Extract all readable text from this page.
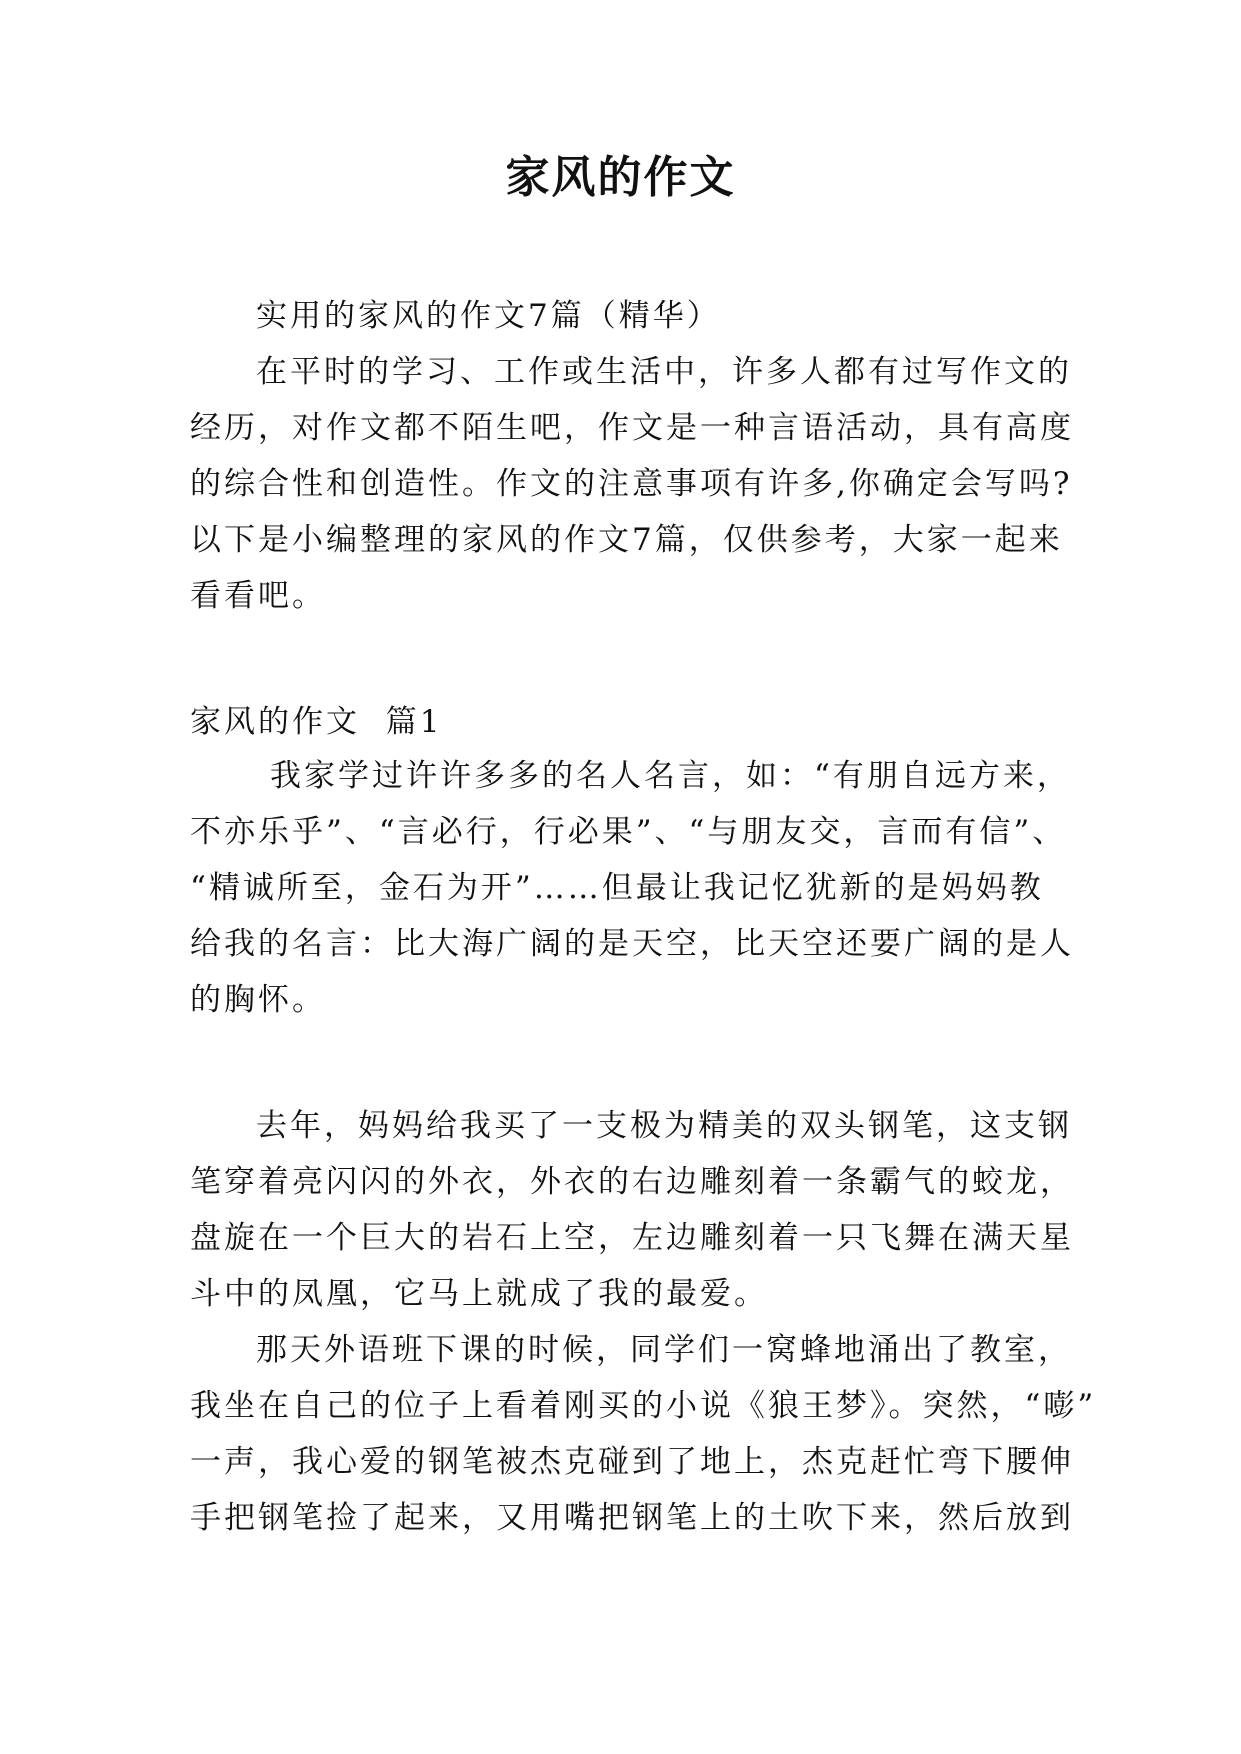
家风的作文
实用的家风的作文7篇（精华）
在平时的学习、工作或生活中，许多人都有过写作文的
经历，对作文都不陌生吧，作文是一种言语活动，具有高度
的综合性和创造性。作文的注意事项有许多,你确定会写吗?
以下是小编整理的家风的作文7篇，仅供参考，大家一起来
看看吧。
家风的作文  篇1
我家学过许许多多的名人名言，如：“有朋自远方来，
不亦乐乎”、“言必行，行必果”、“与朋友交，言而有信”、
“精诚所至，金石为开”……但最让我记忆犹新的是妈妈教
给我的名言：比大海广阔的是天空，比天空还要广阔的是人
的胸怀。
去年，妈妈给我买了一支极为精美的双头钢笔，这支钢
笔穿着亮闪闪的外衣，外衣的右边雕刻着一条霸气的蛟龙，
盘旋在一个巨大的岩石上空，左边雕刻着一只飞舞在满天星
斗中的凤凰，它马上就成了我的最爱。
那天外语班下课的时候，同学们一窝蜂地涌出了教室，
我坐在自己的位子上看着刚买的小说《狼王梦》。突然，“嘭”
一声，我心爱的钢笔被杰克碰到了地上，杰克赶忙弯下腰伸
手把钢笔捡了起来，又用嘴把钢笔上的土吹下来，然后放到
